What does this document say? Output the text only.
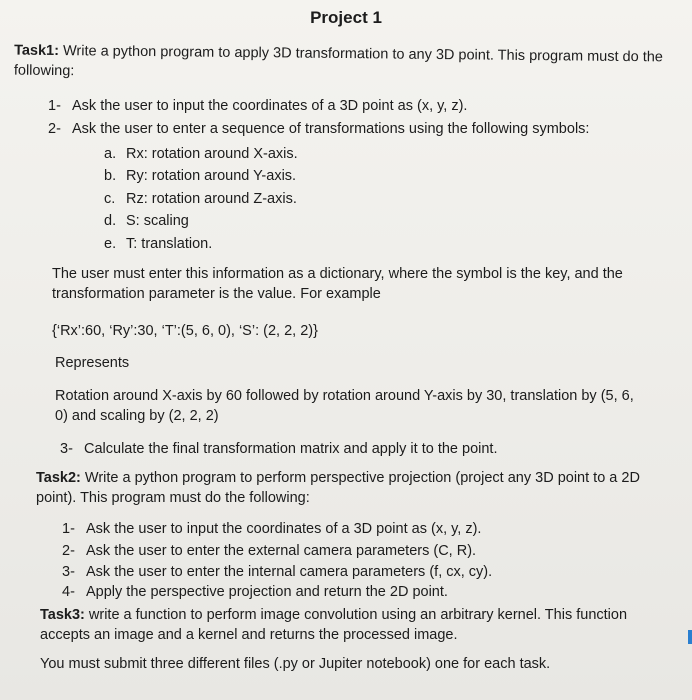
Project 1
Task1: Write a python program to apply 3D transformation to any 3D point. This program must do the following:
1- Ask the user to input the coordinates of a 3D point as (x, y, z).
2- Ask the user to enter a sequence of transformations using the following symbols:
a. Rx: rotation around X-axis.
b. Ry: rotation around Y-axis.
c. Rz: rotation around Z-axis.
d. S: scaling
e. T: translation.
The user must enter this information as a dictionary, where the symbol is the key, and the transformation parameter is the value. For example
{‘Rx’:60, ‘Ry’:30, ‘T’:(5, 6, 0), ‘S’: (2, 2, 2)}
Represents
Rotation around X-axis by 60 followed by rotation around Y-axis by 30, translation by (5, 6, 0) and scaling by (2, 2, 2)
3- Calculate the final transformation matrix and apply it to the point.
Task2: Write a python program to perform perspective projection (project any 3D point to a 2D point). This program must do the following:
1- Ask the user to input the coordinates of a 3D point as (x, y, z).
2- Ask the user to enter the external camera parameters (C, R).
3- Ask the user to enter the internal camera parameters (f, cx, cy).
4- Apply the perspective projection and return the 2D point.
Task3: write a function to perform image convolution using an arbitrary kernel. This function accepts an image and a kernel and returns the processed image.
You must submit three different files (.py or Jupiter notebook) one for each task.
